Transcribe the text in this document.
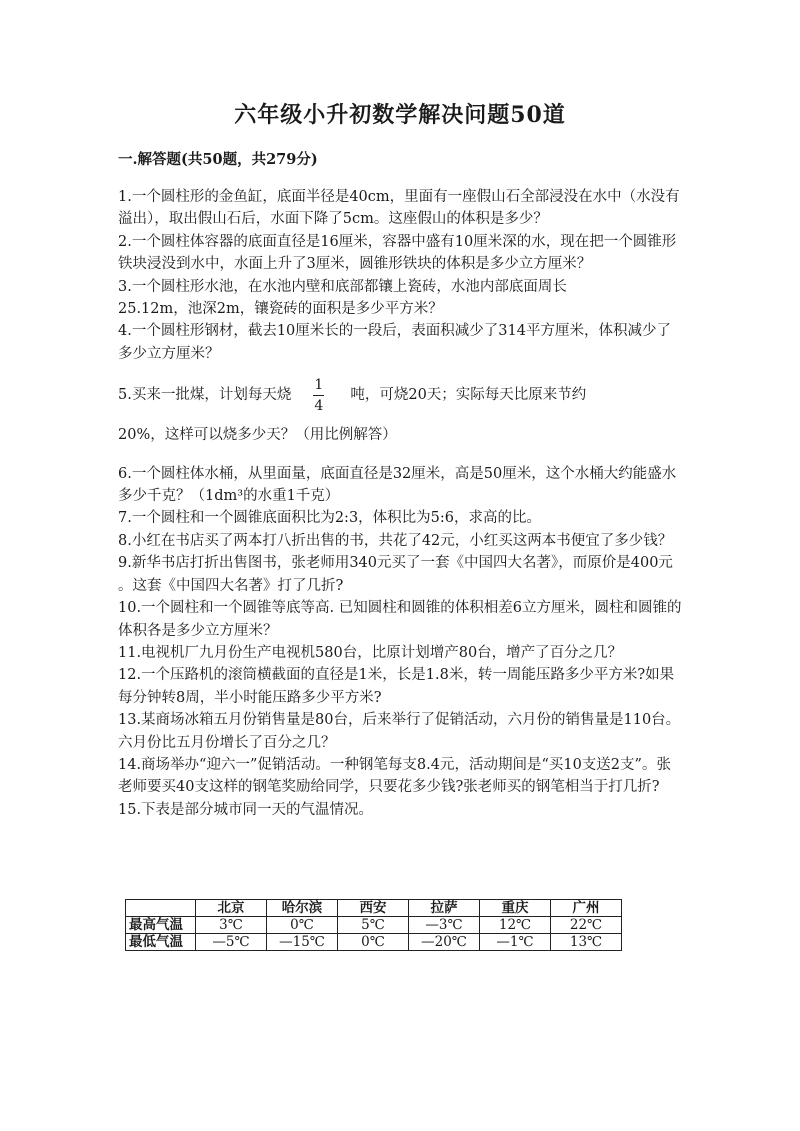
六年级小升初数学解决问题50道
一.解答题(共50题，共279分)

1.一个圆柱形的金鱼缸，底面半径是40cm，里面有一座假山石全部浸没在水中（水没有溢出），取出假山石后，水面下降了5cm。这座假山的体积是多少？

2.一个圆柱体容器的底面直径是16厘米，容器中盛有10厘米深的水，现在把一个圆锥形铁块浸没到水中，水面上升了3厘米，圆锥形铁块的体积是多少立方厘米？

3.一个圆柱形水池，在水池内壁和底部都镶上瓷砖，水池内部底面周长

25.12m，池深2m，镶瓷砖的面积是多少平方米？

4.一个圆柱形钢材，截去10厘米长的一段后，表面积减少了314平方厘米，体积减少了多少立方厘米？

5.买来一批煤，计划每天烧 $\frac{1}{4}$ 吨，可烧20天；实际每天比原来节约
20%，这样可以烧多少天？（用比例解答）

6.一个圆柱体水桶，从里面量，底面直径是32厘米，高是50厘米，这个水桶大约能盛水多少千克？（1dm³的水重1千克）

7.一个圆柱和一个圆锥底面积比为2:3，体积比为5:6，求高的比。

8.小红在书店买了两本打八折出售的书，共花了42元，小红买这两本书便宜了多少钱？

9.新华书店打折出售图书，张老师用340元买了一套《中国四大名著》，而原价是400元 。这套《中国四大名著》打了几折?

10.一个圆柱和一个圆锥等底等高. 已知圆柱和圆锥的体积相差6立方厘米，圆柱和圆锥的体积各是多少立方厘米？

11.电视机厂九月份生产电视机580台，比原计划增产80台，增产了百分之几？

12.一个压路机的滚筒横截面的直径是1米，长是1.8米，转一周能压路多少平方米?如果每分钟转8周，半小时能压路多少平方米?

13.某商场冰箱五月份销售量是80台，后来举行了促销活动，六月份的销售量是110台。六月份比五月份增长了百分之几？

14.商场举办“迎六一”促销活动。一种钢笔每支8.4元，活动期间是“买10支送2支”。张老师要买40支这样的钢笔奖励给同学，只要花多少钱?张老师买的钢笔相当于打几折?

15.下表是部分城市同一天的气温情况。

	北京	哈尔滨	西安	拉萨	重庆	广州
最高气温	3℃	0℃	5℃	—3℃	12℃	22℃
最低气温	—5℃	—15℃	0℃	—20℃	—1℃	13℃
